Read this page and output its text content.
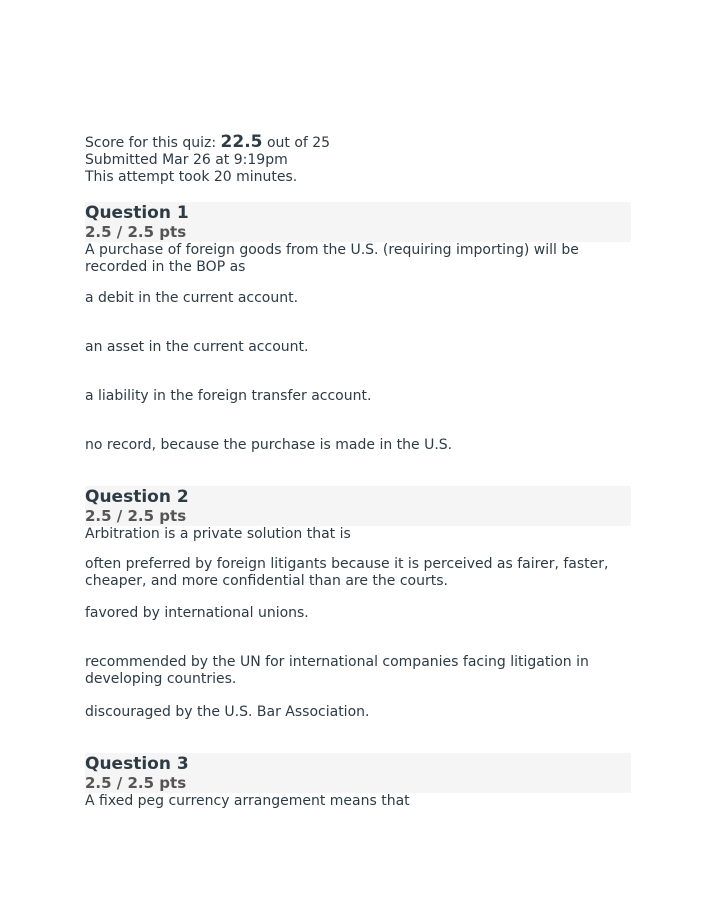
Score for this quiz: 22.5 out of 25
Submitted Mar 26 at 9:19pm
This attempt took 20 minutes.
Question 1
2.5 / 2.5 pts

A purchase of foreign goods from the U.S. (requiring importing) will be recorded in the BOP as

a debit in the current account.

an asset in the current account.

a liability in the foreign transfer account.

no record, because the purchase is made in the U.S.

Question 2
2.5 / 2.5 pts

Arbitration is a private solution that is

often preferred by foreign litigants because it is perceived as fairer, faster, cheaper, and more confidential than are the courts.

favored by international unions.

recommended by the UN for international companies facing litigation in developing countries.

discouraged by the U.S. Bar Association.

Question 3
2.5 / 2.5 pts

A fixed peg currency arrangement means that
